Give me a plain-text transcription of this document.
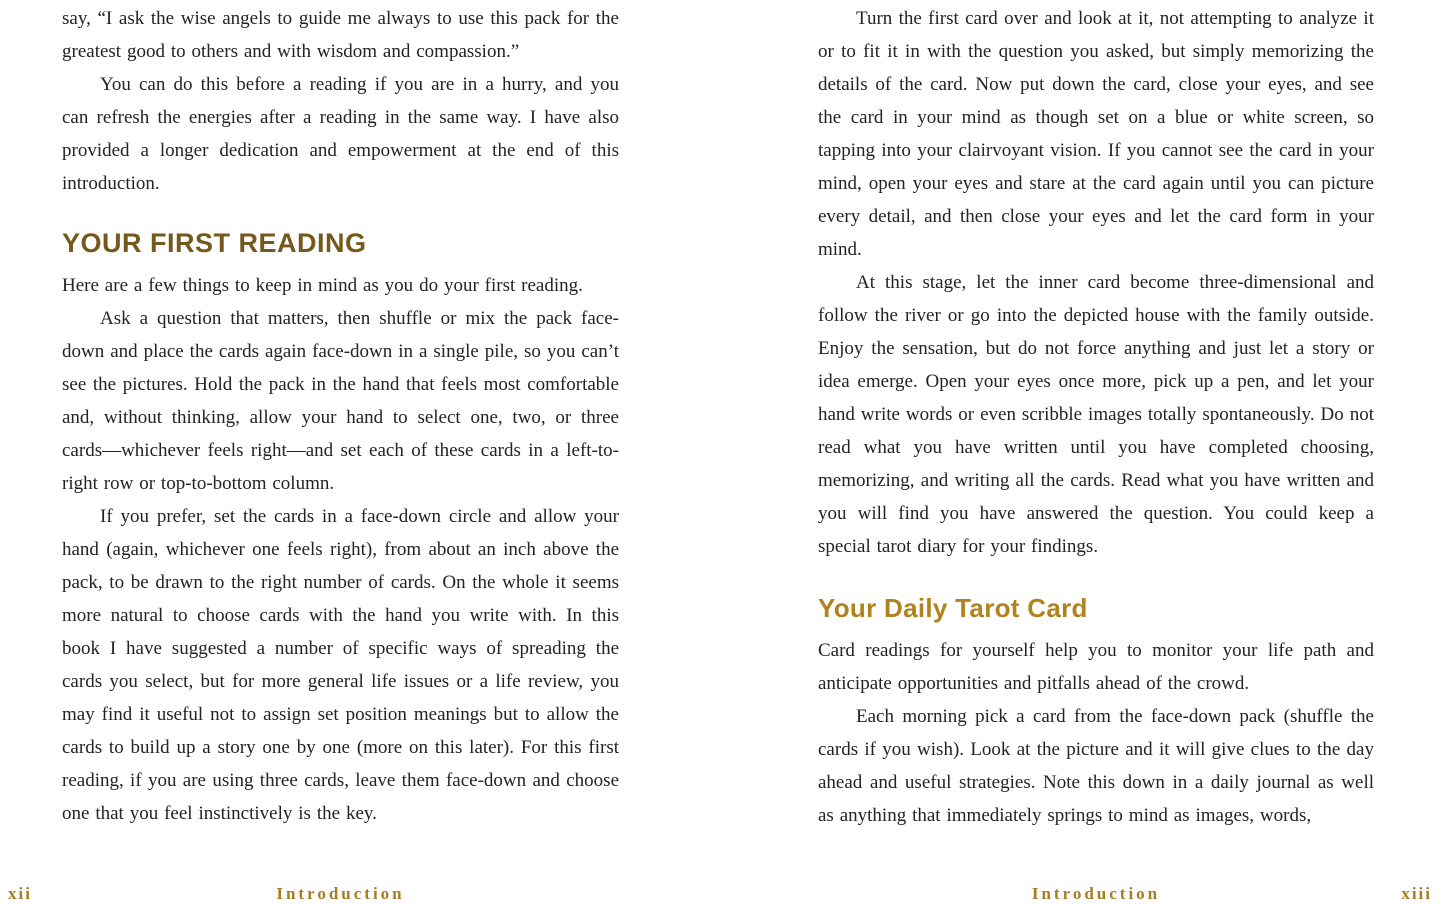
say, “I ask the wise angels to guide me always to use this pack for the greatest good to others and with wisdom and compassion.”

You can do this before a reading if you are in a hurry, and you can refresh the energies after a reading in the same way. I have also provided a longer dedication and empowerment at the end of this introduction.

YOUR FIRST READING

Here are a few things to keep in mind as you do your first reading.

Ask a question that matters, then shuffle or mix the pack face-down and place the cards again face-down in a single pile, so you can’t see the pictures. Hold the pack in the hand that feels most comfortable and, without thinking, allow your hand to select one, two, or three cards—whichever feels right—and set each of these cards in a left-to-right row or top-to-bottom column.

If you prefer, set the cards in a face-down circle and allow your hand (again, whichever one feels right), from about an inch above the pack, to be drawn to the right number of cards. On the whole it seems more natural to choose cards with the hand you write with. In this book I have suggested a number of specific ways of spreading the cards you select, but for more general life issues or a life review, you may find it useful not to assign set position meanings but to allow the cards to build up a story one by one (more on this later). For this first reading, if you are using three cards, leave them face-down and choose one that you feel instinctively is the key.

Turn the first card over and look at it, not attempting to analyze it or to fit it in with the question you asked, but simply memorizing the details of the card. Now put down the card, close your eyes, and see the card in your mind as though set on a blue or white screen, so tapping into your clairvoyant vision. If you cannot see the card in your mind, open your eyes and stare at the card again until you can picture every detail, and then close your eyes and let the card form in your mind.

At this stage, let the inner card become three-dimensional and follow the river or go into the depicted house with the family outside. Enjoy the sensation, but do not force anything and just let a story or idea emerge. Open your eyes once more, pick up a pen, and let your hand write words or even scribble images totally spontaneously. Do not read what you have written until you have completed choosing, memorizing, and writing all the cards. Read what you have written and you will find you have answered the question. You could keep a special tarot diary for your findings.

Your Daily Tarot Card

Card readings for yourself help you to monitor your life path and anticipate opportunities and pitfalls ahead of the crowd.

Each morning pick a card from the face-down pack (shuffle the cards if you wish). Look at the picture and it will give clues to the day ahead and useful strategies. Note this down in a daily journal as well as anything that immediately springs to mind as images, words,

xii	Introduction	Introduction	xiii
